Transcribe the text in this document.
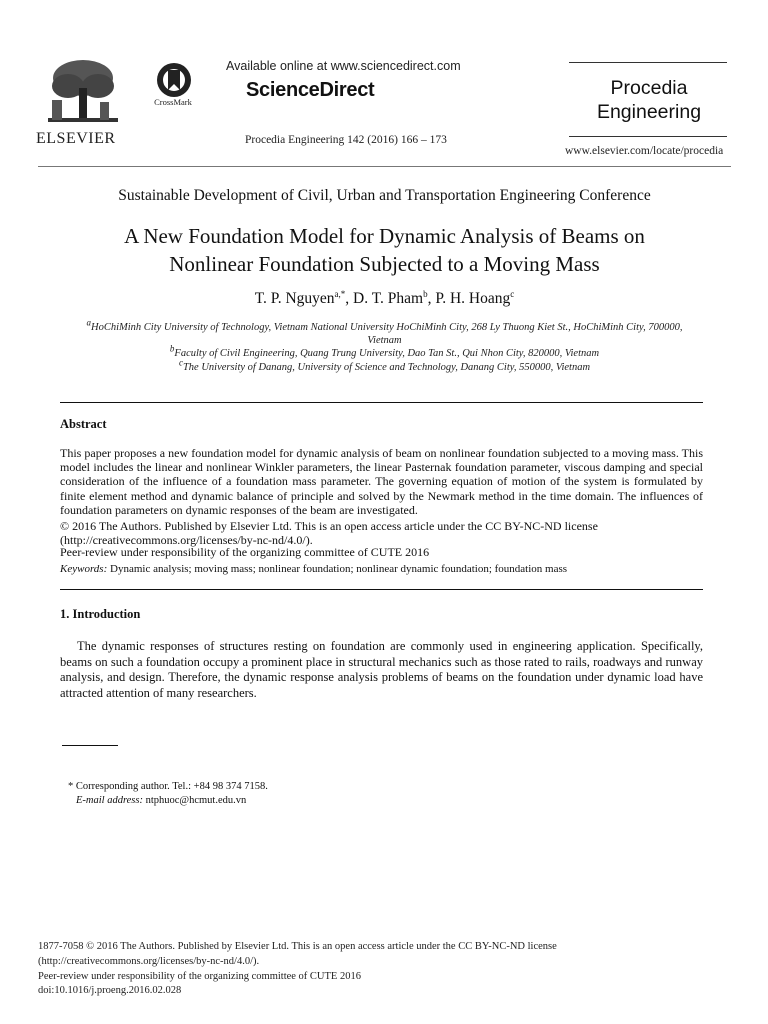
ELSEVIER
CrossMark
Available online at www.sciencedirect.com
ScienceDirect
Procedia Engineering 142 (2016) 166 – 173
Procedia
Engineering
www.elsevier.com/locate/procedia
Sustainable Development of Civil, Urban and Transportation Engineering Conference
A New Foundation Model for Dynamic Analysis of Beams on
Nonlinear Foundation Subjected to a Moving Mass
T. P. Nguyen$^{a,*}$, D. T. Pham$^b$, P. H. Hoang$^c$
$^a$HoChiMinh City University of Technology, Vietnam National University HoChiMinh City, 268 Ly Thuong Kiet St., HoChiMinh City, 700000,
Vietnam
$^b$Faculty of Civil Engineering, Quang Trung University, Dao Tan St., Qui Nhon City, 820000, Vietnam
$^c$The University of Danang, University of Science and Technology, Danang City, 550000, Vietnam
Abstract

This paper proposes a new foundation model for dynamic analysis of beam on nonlinear foundation subjected to a moving mass. This model includes the linear and nonlinear Winkler parameters, the linear Pasternak foundation parameter, viscous damping and special consideration of the influence of a foundation mass parameter. The governing equation of motion of the system is formulated by finite element method and dynamic balance of principle and solved by the Newmark method in the time domain. The influences of foundation parameters on dynamic responses of the beam are investigated.

© 2016 The Authors. Published by Elsevier Ltd. This is an open access article under the CC BY-NC-ND license
(http://creativecommons.org/licenses/by-nc-nd/4.0/).
Peer-review under responsibility of the organizing committee of CUTE 2016
Keywords: Dynamic analysis; moving mass; nonlinear foundation; nonlinear dynamic foundation; foundation mass
1. Introduction
The dynamic responses of structures resting on foundation are commonly used in engineering application. Specifically, beams on such a foundation occupy a prominent place in structural mechanics such as those rated to rails, roadways and runway analysis, and design. Therefore, the dynamic response analysis problems of beams on the foundation under dynamic load have attracted attention of many researchers.
* Corresponding author. Tel.: +84 98 374 7158.
E-mail address: ntphuoc@hcmut.edu.vn
1877-7058 © 2016 The Authors. Published by Elsevier Ltd. This is an open access article under the CC BY-NC-ND license
(http://creativecommons.org/licenses/by-nc-nd/4.0/).
Peer-review under responsibility of the organizing committee of CUTE 2016
doi:10.1016/j.proeng.2016.02.028
